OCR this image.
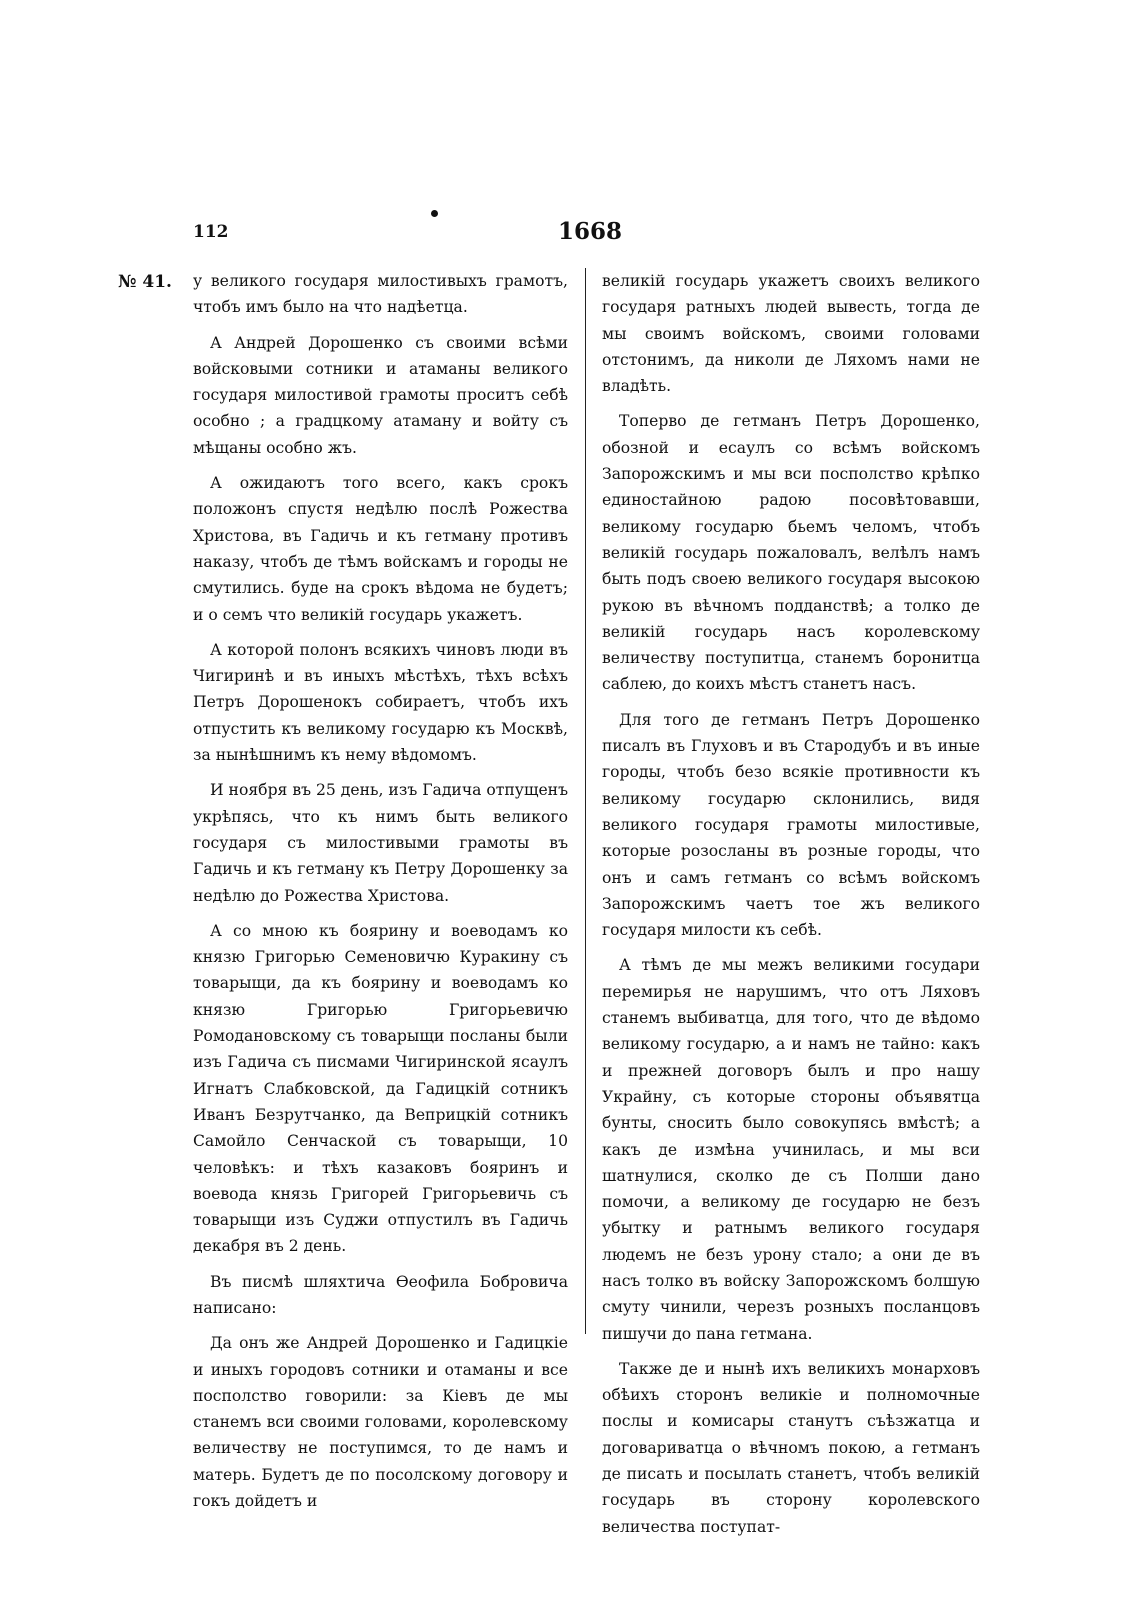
112	1668
№ 41. у великого государя милостивыхъ грамотъ, чтобъ имъ было на что надѣетца.

А Андрей Дорошенко съ своими всѣми войсковыми сотники и атаманы великого государя милостивой грамоты проситъ себѣ особно ; а градцкому атаману и войту съ мѣщаны особно жъ.

А ожидаютъ того всего, какъ срокъ положонъ спустя недѣлю послѣ Рожества Христова, въ Гадичь и къ гетману противъ наказу, чтобъ де тѣмъ войскамъ и городы не смутились. буде на срокъ вѣдома не будетъ; и о семъ что великій государь укажетъ.

А которой полонъ всякихъ чиновъ люди въ Чигиринѣ и въ иныхъ мѣстѣхъ, тѣхъ всѣхъ Петръ Дорошенокъ собираетъ, чтобъ ихъ отпустить къ великому государю къ Москвѣ, за нынѣшнимъ къ нему вѣдомомъ.

И ноября въ 25 день, изъ Гадича отпущенъ укрѣпясь, что къ нимъ быть великого государя съ милостивыми грамоты въ Гадичь и къ гетману къ Петру Дорошенку за недѣлю до Рожества Христова.

А со мною къ боярину и воеводамъ ко князю Григорью Семеновичю Куракину съ товарыщи, да къ боярину и воеводамъ ко князю Григорью Григорьевичю Ромодановскому съ товарыщи посланы были изъ Гадича съ писмами Чигиринской ясаулъ Игнатъ Слабковской, да Гадицкій сотникъ Иванъ Безрутчанко, да Веприцкій сотникъ Самойло Сенчаской съ товарыщи, 10 человѣкъ: и тѣхъ казаковъ бояринъ и воевода князь Григорей Григорьевичь съ товарыщи изъ Суджи отпустилъ въ Гадичь декабря въ 2 день.

Въ писмѣ шляхтича Ѳеофила Бобровича написано:

Да онъ же Андрей Дорошенко и Гадицкіе и иныхъ городовъ сотники и отаманы и все посполство говорили: за Кіевъ де мы станемъ вси своими головами, королевскому величеству не поступимся, то де намъ и матерь. Будетъ де по посолскому договору и гокъ дойдетъ и

великій государь укажетъ своихъ великого государя ратныхъ людей вывесть, тогда де мы своимъ войскомъ, своими головами отстонимъ, да николи де Ляхомъ нами не владѣть.

Топерво де гетманъ Петръ Дорошенко, обозной и есаулъ со всѣмъ войскомъ Запорожскимъ и мы вси посполство крѣпко единостайною радою посовѣтовавши, великому государю бьемъ челомъ, чтобъ великій государь пожаловалъ, велѣлъ намъ быть подъ своею великого государя высокою рукою въ вѣчномъ подданствѣ; а толко де великій государь насъ королевскому величеству поступитца, станемъ боронитца саблею, до коихъ мѣстъ станетъ насъ.

Для того де гетманъ Петръ Дорошенко писалъ въ Глуховъ и въ Стародубъ и въ иные городы, чтобъ безо всякіе противности къ великому государю склонились, видя великого государя грамоты милостивые, которые розосланы въ розные городы, что онъ и самъ гетманъ со всѣмъ войскомъ Запорожскимъ чаетъ тое жъ великого государя милости къ себѣ.

А тѣмъ де мы межъ великими государи перемирья не нарушимъ, что отъ Ляховъ станемъ выбиватца, для того, что де вѣдомо великому государю, а и намъ не тайно: какъ и прежней договоръ былъ и про нашу Украйну, съ которые стороны объявятца бунты, сносить было совокупясь вмѣстѣ; а какъ де измѣна учинилась, и мы вси шатнулися, сколко де съ Полши дано помочи, а великому де государю не безъ убытку и ратнымъ великого государя людемъ не безъ урону стало; а они де въ насъ толко въ войску Запорожскомъ болшую смуту чинили, черезъ розныхъ посланцовъ пишучи до пана гетмана.

Также де и нынѣ ихъ великихъ монарховъ обѣихъ сторонъ великіе и полномочные послы и комисары станутъ съѣзжатца и договариватца о вѣчномъ покою, а гетманъ де писать и посылать станетъ, чтобъ великій государь въ сторону королевского величества поступат-
